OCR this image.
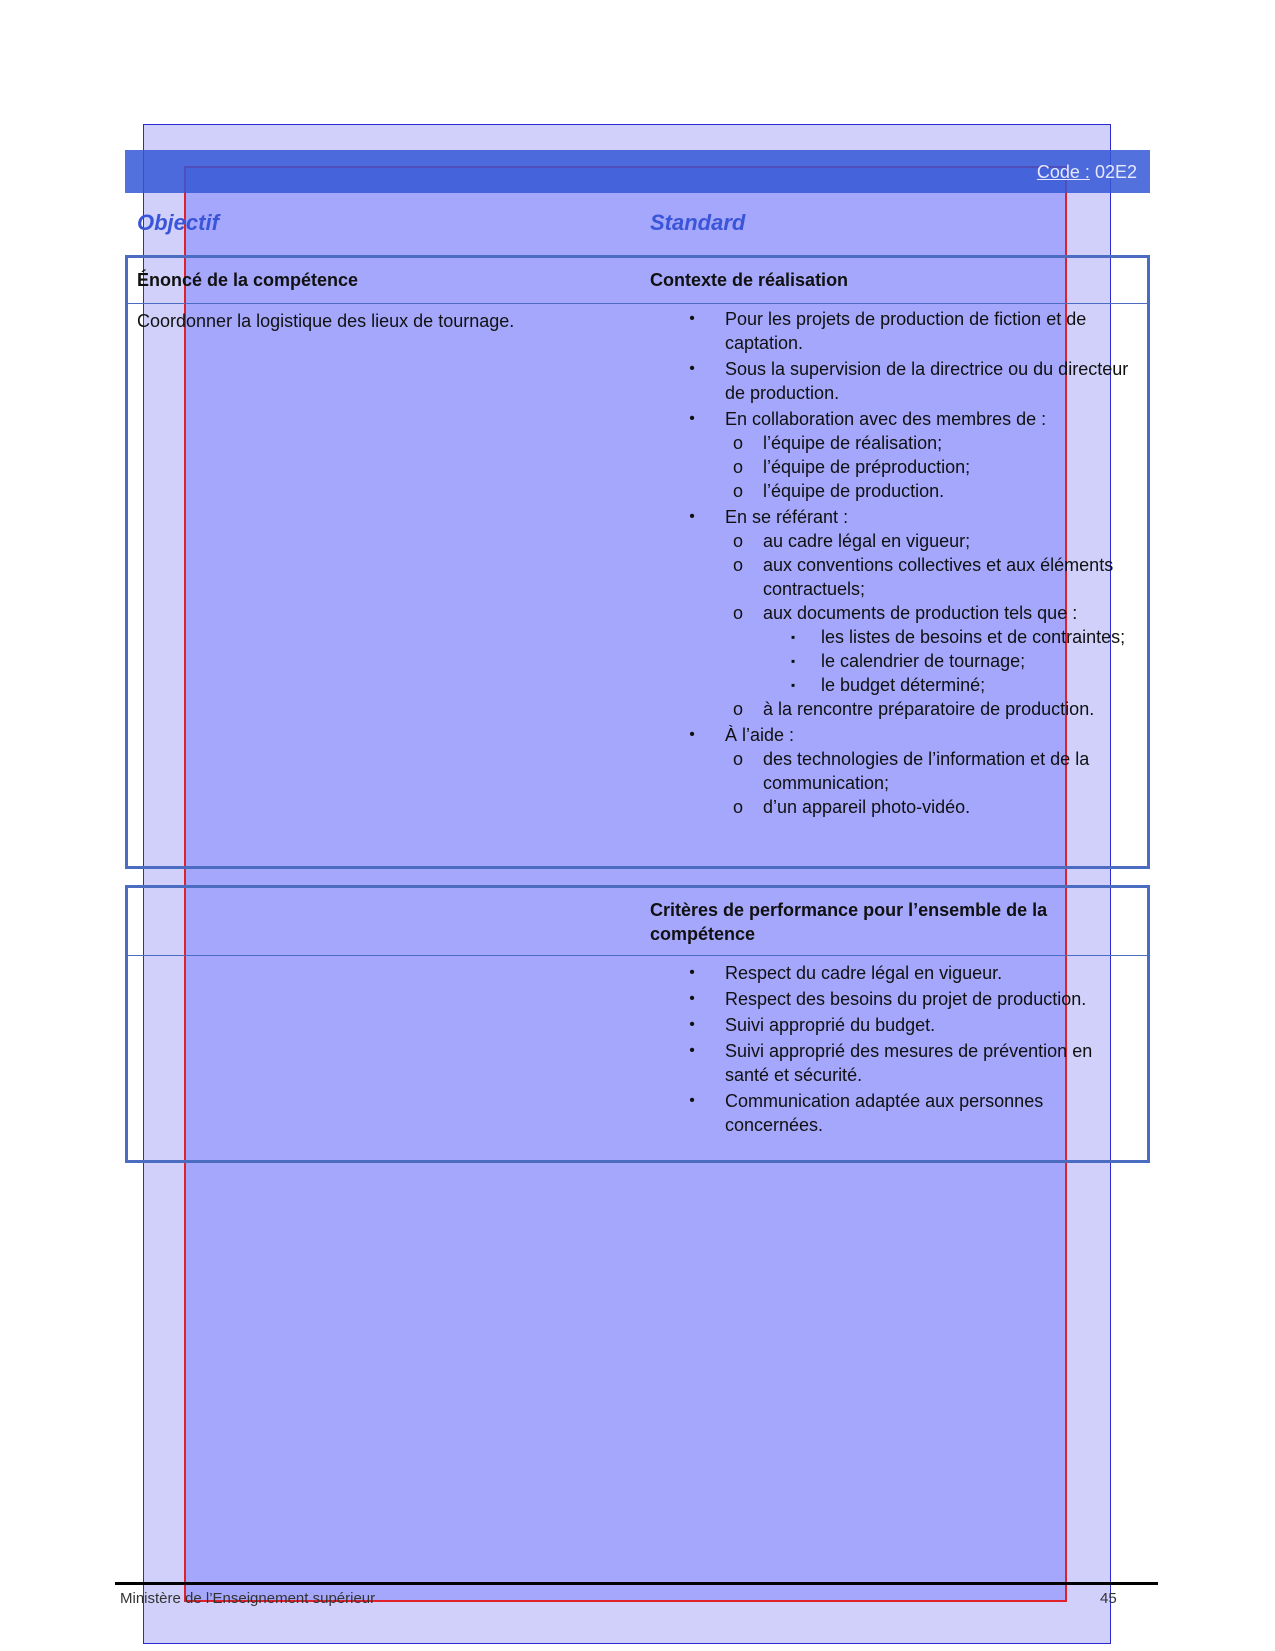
Code : 02E2
Objectif	Standard
Énoncé de la compétence	Contexte de réalisation
Coordonner la logistique des lieux de tournage.	• Pour les projets de production de fiction et de captation.
• Sous la supervision de la directrice ou du directeur de production.
• En collaboration avec des membres de :
o l’équipe de réalisation;
o l’équipe de préproduction;
o l’équipe de production.
• En se référant :
o au cadre légal en vigueur;
o aux conventions collectives et aux éléments contractuels;
o aux documents de production tels que :
▪ les listes de besoins et de contraintes;
▪ le calendrier de tournage;
▪ le budget déterminé;
o à la rencontre préparatoire de production.
• À l’aide :
o des technologies de l’information et de la communication;
o d’un appareil photo-vidéo.
Critères de performance pour l’ensemble de la compétence
• Respect du cadre légal en vigueur.
• Respect des besoins du projet de production.
• Suivi approprié du budget.
• Suivi approprié des mesures de prévention en santé et sécurité.
• Communication adaptée aux personnes concernées.
Ministère de l’Enseignement supérieur	45
